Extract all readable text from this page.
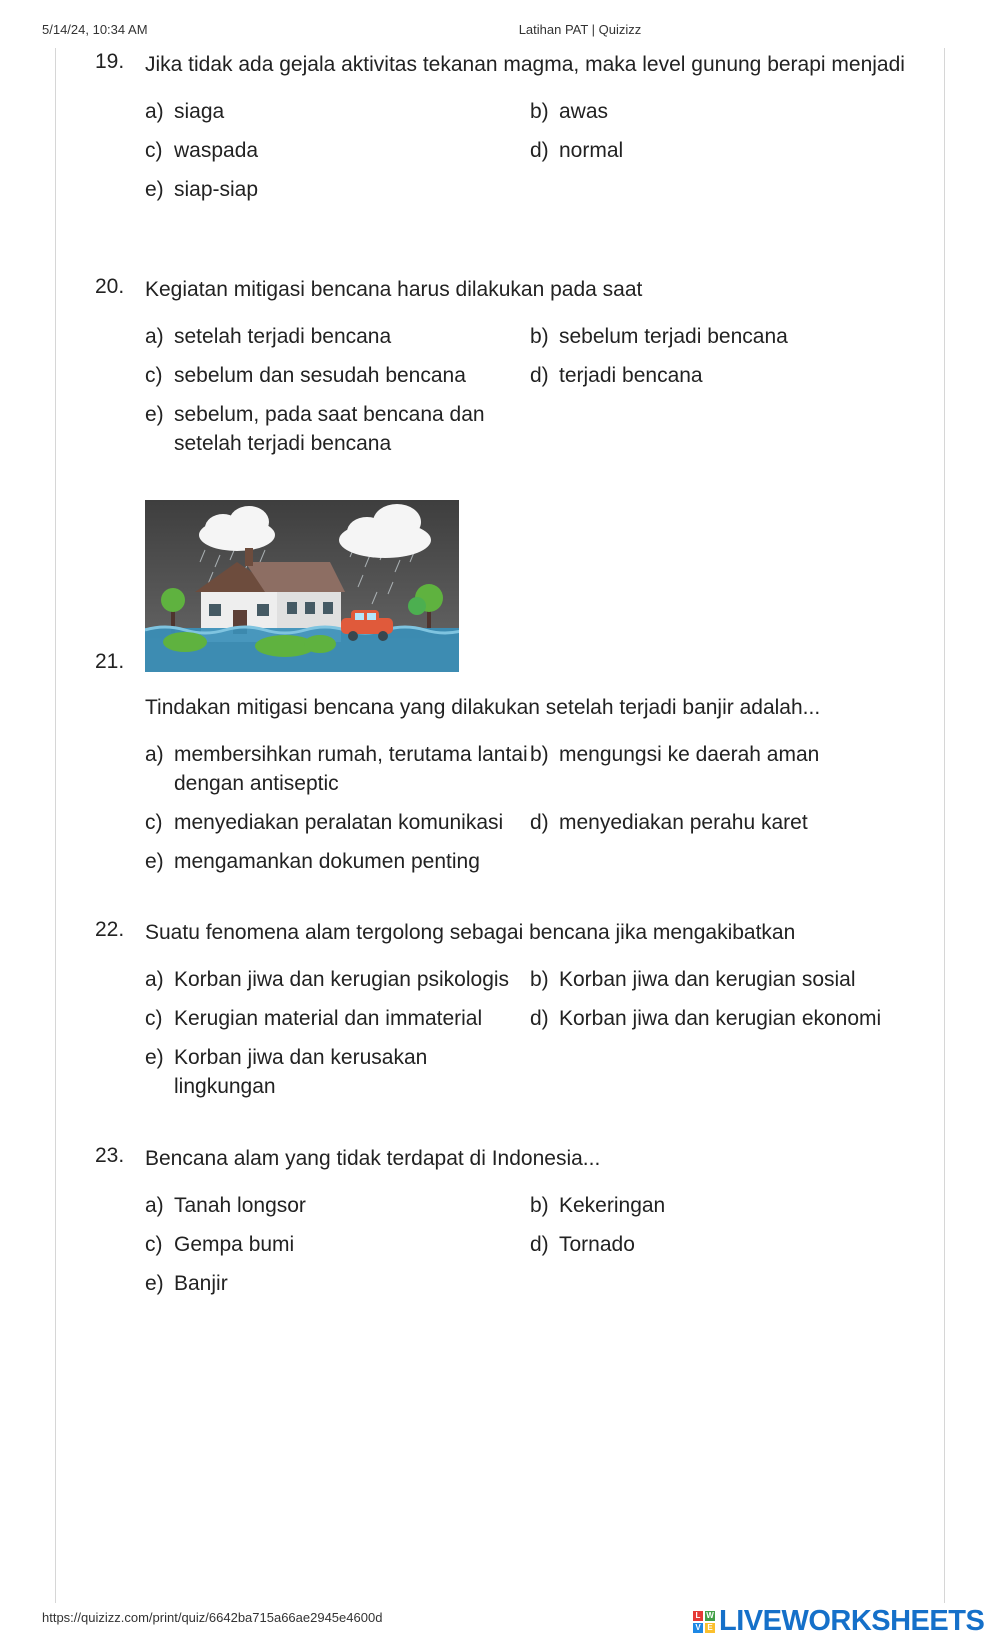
5/14/24, 10:34 AM	Latihan PAT | Quizizz
19. Jika tidak ada gejala aktivitas tekanan magma, maka level gunung berapi menjadi
a) siaga	b) awas
c) waspada	d) normal
e) siap-siap
20. Kegiatan mitigasi bencana harus dilakukan pada saat
a) setelah terjadi bencana	b) sebelum terjadi bencana
c) sebelum dan sesudah bencana	d) terjadi bencana
e) sebelum, pada saat bencana dan setelah terjadi bencana
21.
Tindakan mitigasi bencana yang dilakukan setelah terjadi banjir adalah...
a) membersihkan rumah, terutama lantai dengan antiseptic
b) mengungsi ke daerah aman
c) menyediakan peralatan komunikasi	d) menyediakan perahu karet
e) mengamankan dokumen penting
22. Suatu fenomena alam tergolong sebagai bencana jika mengakibatkan
a) Korban jiwa dan kerugian psikologis b) Korban jiwa dan kerugian sosial
c) Kerugian material dan immaterial	d) Korban jiwa dan kerugian ekonomi
e) Korban jiwa dan kerusakan lingkungan
23. Bencana alam yang tidak terdapat di Indonesia...
a) Tanah longsor	b) Kekeringan
c) Gempa bumi	d) Tornado
e) Banjir
https://quizizz.com/print/quiz/6642ba715a66ae2945e4600d	L W
V E LIVEWORKSHEETS
